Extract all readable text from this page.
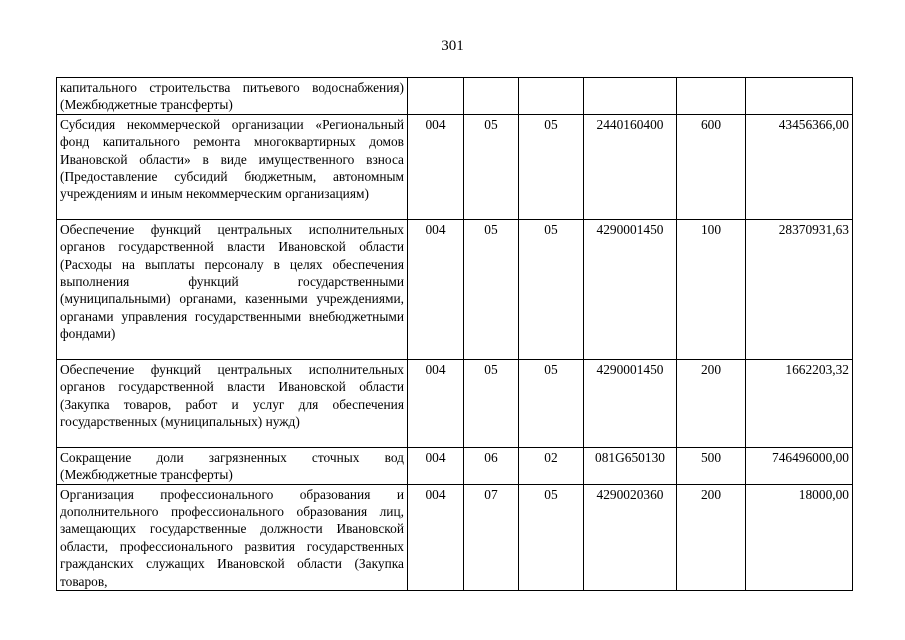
301
капитального строительства питьевого водоснабжения) (Межбюджетные трансферты)						
Субсидия некоммерческой организации «Региональный фонд капитального ремонта многоквартирных домов Ивановской области» в виде имущественного взноса (Предоставление субсидий бюджетным, автономным учреждениям и иным некоммерческим организациям)	004	05	05	2440160400	600	43456366,00
Обеспечение функций центральных исполнительных органов государственной власти Ивановской области (Расходы на выплаты персоналу в целях обеспечения выполнения функций государственными (муниципальными) органами, казенными учреждениями, органами управления государственными внебюджетными фондами)	004	05	05	4290001450	100	28370931,63
Обеспечение функций центральных исполнительных органов государственной власти Ивановской области (Закупка товаров, работ и услуг для обеспечения государственных (муниципальных) нужд)	004	05	05	4290001450	200	1662203,32
Сокращение доли загрязненных сточных вод (Межбюджетные трансферты)	004	06	02	081G650130	500	746496000,00
Организация профессионального образования и дополнительного профессионального образования лиц, замещающих государственные должности Ивановской области, профессионального развития государственных гражданских служащих Ивановской области (Закупка товаров,	004	07	05	4290020360	200	18000,00
